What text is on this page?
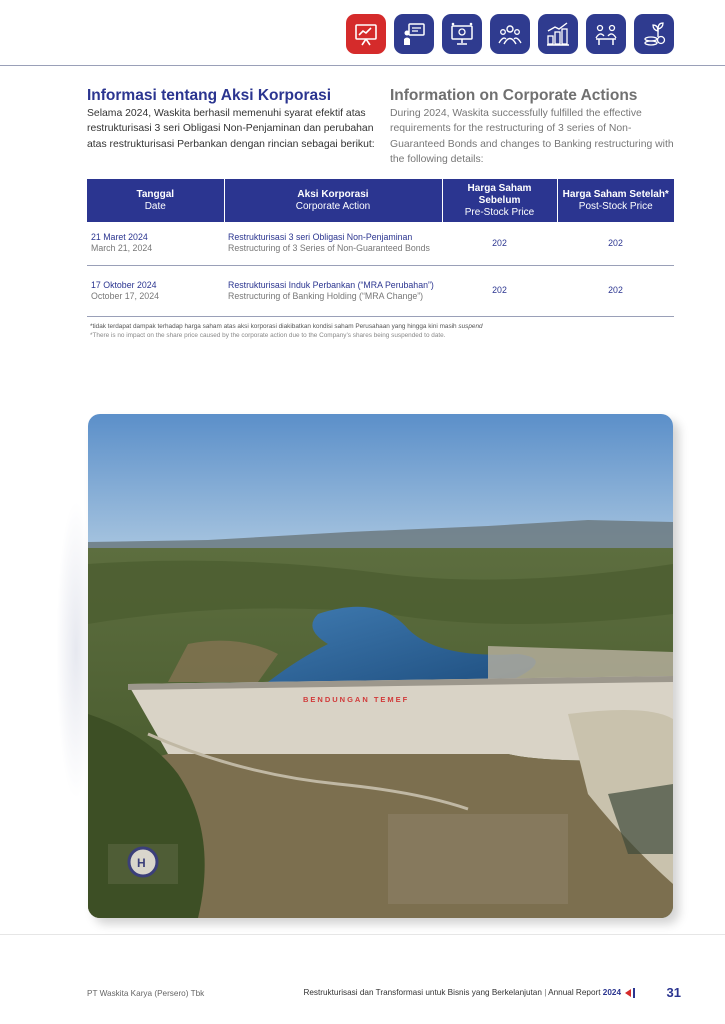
Informasi tentang Aksi Korporasi

Selama 2024, Waskita berhasil memenuhi syarat efektif atas restrukturisasi 3 seri Obligasi Non-Penjaminan dan perubahan atas restrukturisasi Perbankan dengan rincian sebagai berikut:

Information on Corporate Actions

During 2024, Waskita successfully fulfilled the effective requirements for the restructuring of 3 series of Non-Guaranteed Bonds and changes to Banking restructuring with the following details:

Tanggal
Date	Aksi Korporasi
Corporate Action	Harga Saham Sebelum
Pre-Stock Price	Harga Saham Setelah*
Post-Stock Price

21 Maret 2024
March 21, 2024	Restrukturisasi 3 seri Obligasi Non-Penjaminan
Restructuring of 3 Series of Non-Guaranteed Bonds	202	202

17 Oktober 2024
October 17, 2024	Restrukturisasi Induk Perbankan (“MRA Perubahan”)
Restructuring of Banking Holding (“MRA Change”)	202	202
*tidak terdapat dampak terhadap harga saham atas aksi korporasi diakibatkan kondisi saham Perusahaan yang hingga kini masih suspend
*There is no impact on the share price caused by the corporate action due to the Company’s shares being suspended to date.
BENDUNGAN TEMEF
H
PT Waskita Karya (Persero) Tbk	Restrukturisasi dan Transformasi untuk Bisnis yang Berkelanjutan | Annual Report 2024	31
